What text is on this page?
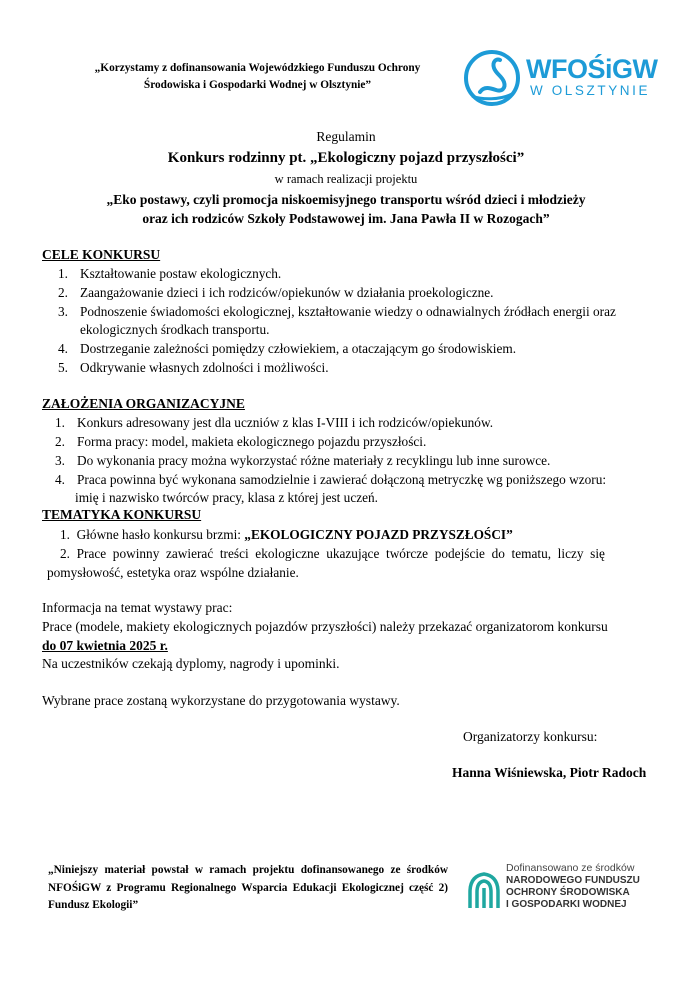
„Korzystamy z dofinansowania Wojewódzkiego Funduszu Ochrony
Środowiska i Gospodarki Wodnej w Olsztynie”
WFOŚiGW
W OLSZTYNIE
Regulamin
Konkurs rodzinny pt. „Ekologiczny pojazd przyszłości”
w ramach realizacji projektu
„Eko postawy, czyli promocja niskoemisyjnego transportu wśród dzieci i młodzieży
oraz ich rodziców Szkoły Podstawowej im. Jana Pawła II w Rozogach”
CELE KONKURSU
1. Kształtowanie postaw ekologicznych.
2. Zaangażowanie dzieci i ich rodziców/opiekunów w działania proekologiczne.
3. Podnoszenie świadomości ekologicznej, kształtowanie wiedzy o odnawialnych źródłach energii oraz
ekologicznych środkach transportu.
4. Dostrzeganie zależności pomiędzy człowiekiem, a otaczającym go środowiskiem.
5. Odkrywanie własnych zdolności i możliwości.
ZAŁOŻENIA ORGANIZACYJNE
1. Konkurs adresowany jest dla uczniów z klas I-VIII i ich rodziców/opiekunów.
2. Forma pracy: model, makieta ekologicznego pojazdu przyszłości.
3. Do wykonania pracy można wykorzystać różne materiały z recyklingu lub inne surowce.
4. Praca powinna być wykonana samodzielnie i zawierać dołączoną metryczkę wg poniższego wzoru:
imię i nazwisko twórców pracy, klasa z której jest uczeń.
TEMATYKA KONKURSU
1.  Główne hasło konkursu brzmi: „EKOLOGICZNY POJAZD PRZYSZŁOŚCI”
2.  Prace  powinny  zawierać  treści  ekologiczne  ukazujące  twórcze  podejście  do  tematu,  liczy  się
pomysłowość, estetyka oraz wspólne działanie.
Informacja na temat wystawy prac:
Prace (modele, makiety ekologicznych pojazdów przyszłości) należy przekazać organizatorom konkursu
do 07 kwietnia 2025 r.
Na uczestników czekają dyplomy, nagrody i upominki.
Wybrane prace zostaną wykorzystane do przygotowania wystawy.
Organizatorzy konkursu:
Hanna Wiśniewska, Piotr Radoch
„Niniejszy materiał powstał w ramach projektu dofinansowanego ze środków NFOŚiGW z Programu Regionalnego Wsparcia Edukacji Ekologicznej część 2) Fundusz Ekologii”
Dofinansowano ze środków
NARODOWEGO FUNDUSZU
OCHRONY ŚRODOWISKA
I GOSPODARKI WODNEJ
